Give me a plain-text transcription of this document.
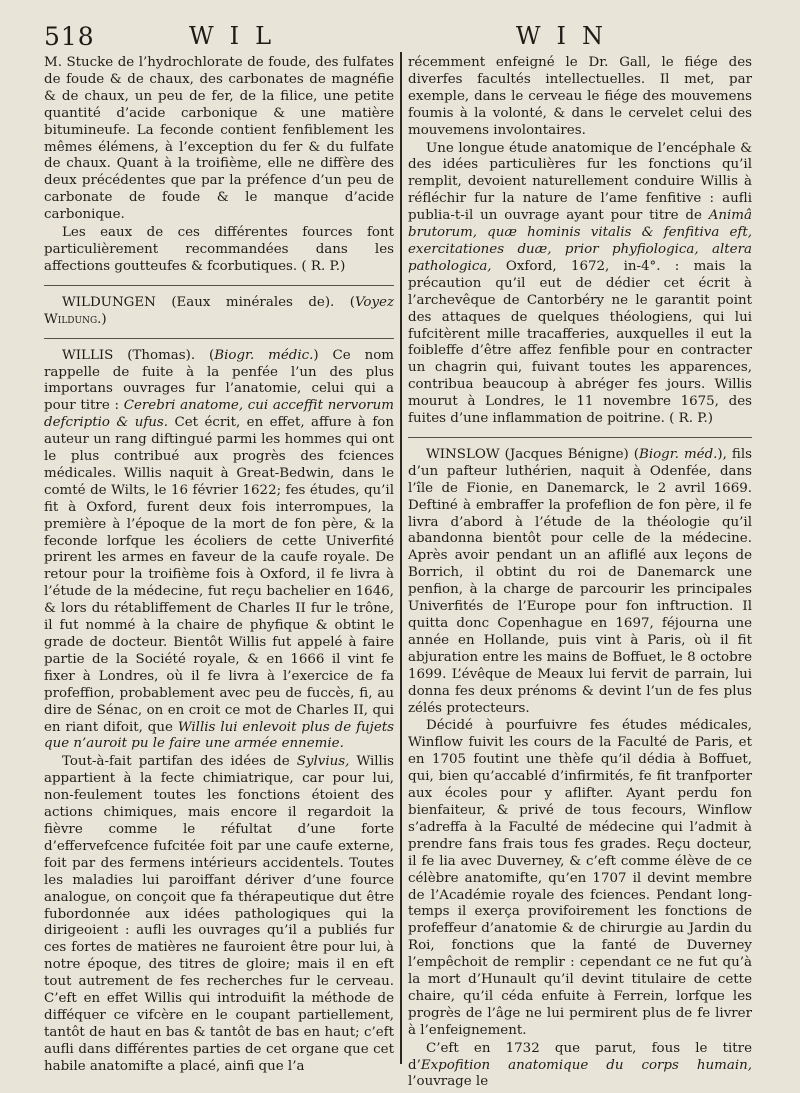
518	WIL	WIN

M. Stucke de l’hydrochlorate de foude, des fulfates de foude & de chaux, des carbonates de magnéfie & de chaux, un peu de fer, de la filice, une petite quantité d’acide carbonique & une matière bitumineufe. La feconde contient fenfiblement les mêmes élémens, à l’exception du fer & du fulfate de chaux. Quant à la troifième, elle ne diffère des deux précédentes que par la préfence d’un peu de carbonate de foude & le manque d’acide carbonique.

Les eaux de ces différentes fources font particulièrement recommandées dans les affections goutteufes & fcorbutiques. ( R. P.)

WILDUNGEN (Eaux minérales de). (Voyez Wildung.)

WILLIS (Thomas). (Biogr. médic.) Ce nom rappelle de fuite à la penfée l’un des plus importans ouvrages fur l’anatomie, celui qui a pour titre : Cerebri anatome, cui acceffit nervorum defcriptio & ufus. Cet écrit, en effet, affure à fon auteur un rang diftingué parmi les hommes qui ont le plus contribué aux progrès des fciences médicales. Willis naquit à Great-Bedwin, dans le comté de Wilts, le 16 février 1622; fes études, qu’il fit à Oxford, furent deux fois interrompues, la première à l’époque de la mort de fon père, & la feconde lorfque les écoliers de cette Univerfité prirent les armes en faveur de la caufe royale. De retour pour la troifième fois à Oxford, il fe livra à l’étude de la médecine, fut reçu bachelier en 1646, & lors du rétabliffement de Charles II fur le trône, il fut nommé à la chaire de phyfique & obtint le grade de docteur. Bientôt Willis fut appelé à faire partie de la Société royale, & en 1666 il vint fe fixer à Londres, où il fe livra à l’exercice de fa profeffion, probablement avec peu de fuccès, fi, au dire de Sénac, on en croit ce mot de Charles II, qui en riant difoit, que Willis lui enlevoit plus de fujets que n’auroit pu le faire une armée ennemie.

Tout-à-fait partifan des idées de Sylvius, Willis appartient à la fecte chimiatrique, car pour lui, non-feulement toutes les fonctions étoient des actions chimiques, mais encore il regardoit la fièvre comme le réfultat d’une forte d’effervefcence fufcitée foit par une caufe externe, foit par des fermens intérieurs accidentels. Toutes les maladies lui paroiffant dériver d’une fource analogue, on conçoit que fa thérapeutique dut être fubordonnée aux idées pathologiques qui la dirigeoient : aufli les ouvrages qu’il a publiés fur ces fortes de matières ne fauroient être pour lui, à notre époque, des titres de gloire; mais il en eft tout autrement de fes recherches fur le cerveau. C’eft en effet Willis qui introduifit la méthode de difféquer ce vifcère en le coupant partiellement, tantôt de haut en bas & tantôt de bas en haut; c’eft aufli dans différentes parties de cet organe que cet habile anatomifte a placé, ainfi que l’a

récemment enfeigné le Dr. Gall, le fiége des diverfes facultés intellectuelles. Il met, par exemple, dans le cerveau le fiége des mouvemens foumis à la volonté, & dans le cervelet celui des mouvemens involontaires.

Une longue étude anatomique de l’encéphale & des idées particulières fur les fonctions qu’il remplit, devoient naturellement conduire Willis à réfléchir fur la nature de l’ame fenfitive : aufli publia-t-il un ouvrage ayant pour titre de Animâ brutorum, quæ hominis vitalis & fenfitiva eft, exercitationes duæ, prior phyfiologica, altera pathologica, Oxford, 1672, in-4°. : mais la précaution qu’il eut de dédier cet écrit à l’archevêque de Cantorbéry ne le garantit point des attaques de quelques théologiens, qui lui fufcitèrent mille tracafferies, auxquelles il eut la foibleffe d’être affez fenfible pour en contracter un chagrin qui, fuivant toutes les apparences, contribua beaucoup à abréger fes jours. Willis mourut à Londres, le 11 novembre 1675, des fuites d’une inflammation de poitrine. ( R. P.)

WINSLOW (Jacques Bénigne) (Biogr. méd.), fils d’un pafteur luthérien, naquit à Odenfée, dans l’île de Fionie, en Danemarck, le 2 avril 1669. Deftiné à embraffer la profeflion de fon père, il fe livra d’abord à l’étude de la théologie qu’il abandonna bientôt pour celle de la médecine. Après avoir pendant un an afliflé aux leçons de Borrich, il obtint du roi de Danemarck une penfion, à la charge de parcourir les principales Univerfités de l’Europe pour fon inftruction. Il quitta donc Copenhague en 1697, féjourna une année en Hollande, puis vint à Paris, où il fit abjuration entre les mains de Boffuet, le 8 octobre 1699. L’évêque de Meaux lui fervit de parrain, lui donna fes deux prénoms & devint l’un de fes plus zélés protecteurs.

Décidé à pourfuivre fes études médicales, Winflow fuivit les cours de la Faculté de Paris, et en 1705 foutint une thèfe qu’il dédia à Boffuet, qui, bien qu’accablé d’infirmités, fe fit tranfporter aux écoles pour y aflifter. Ayant perdu fon bienfaiteur, & privé de tous fecours, Winflow s’adreffa à la Faculté de médecine qui l’admit à prendre fans frais tous fes grades. Reçu docteur, il fe lia avec Duverney, & c’eft comme élève de ce célèbre anatomifte, qu’en 1707 il devint membre de l’Académie royale des fciences. Pendant long-temps il exerça provifoirement les fonctions de profeffeur d’anatomie & de chirurgie au Jardin du Roi, fonctions que la fanté de Duverney l’empêchoit de remplir : cependant ce ne fut qu’à la mort d’Hunault qu’il devint titulaire de cette chaire, qu’il céda enfuite à Ferrein, lorfque les progrès de l’âge ne lui permirent plus de fe livrer à l’enfeignement.

C’eft en 1732 que parut, fous le titre d’Expofition anatomique du corps humain, l’ouvrage le
